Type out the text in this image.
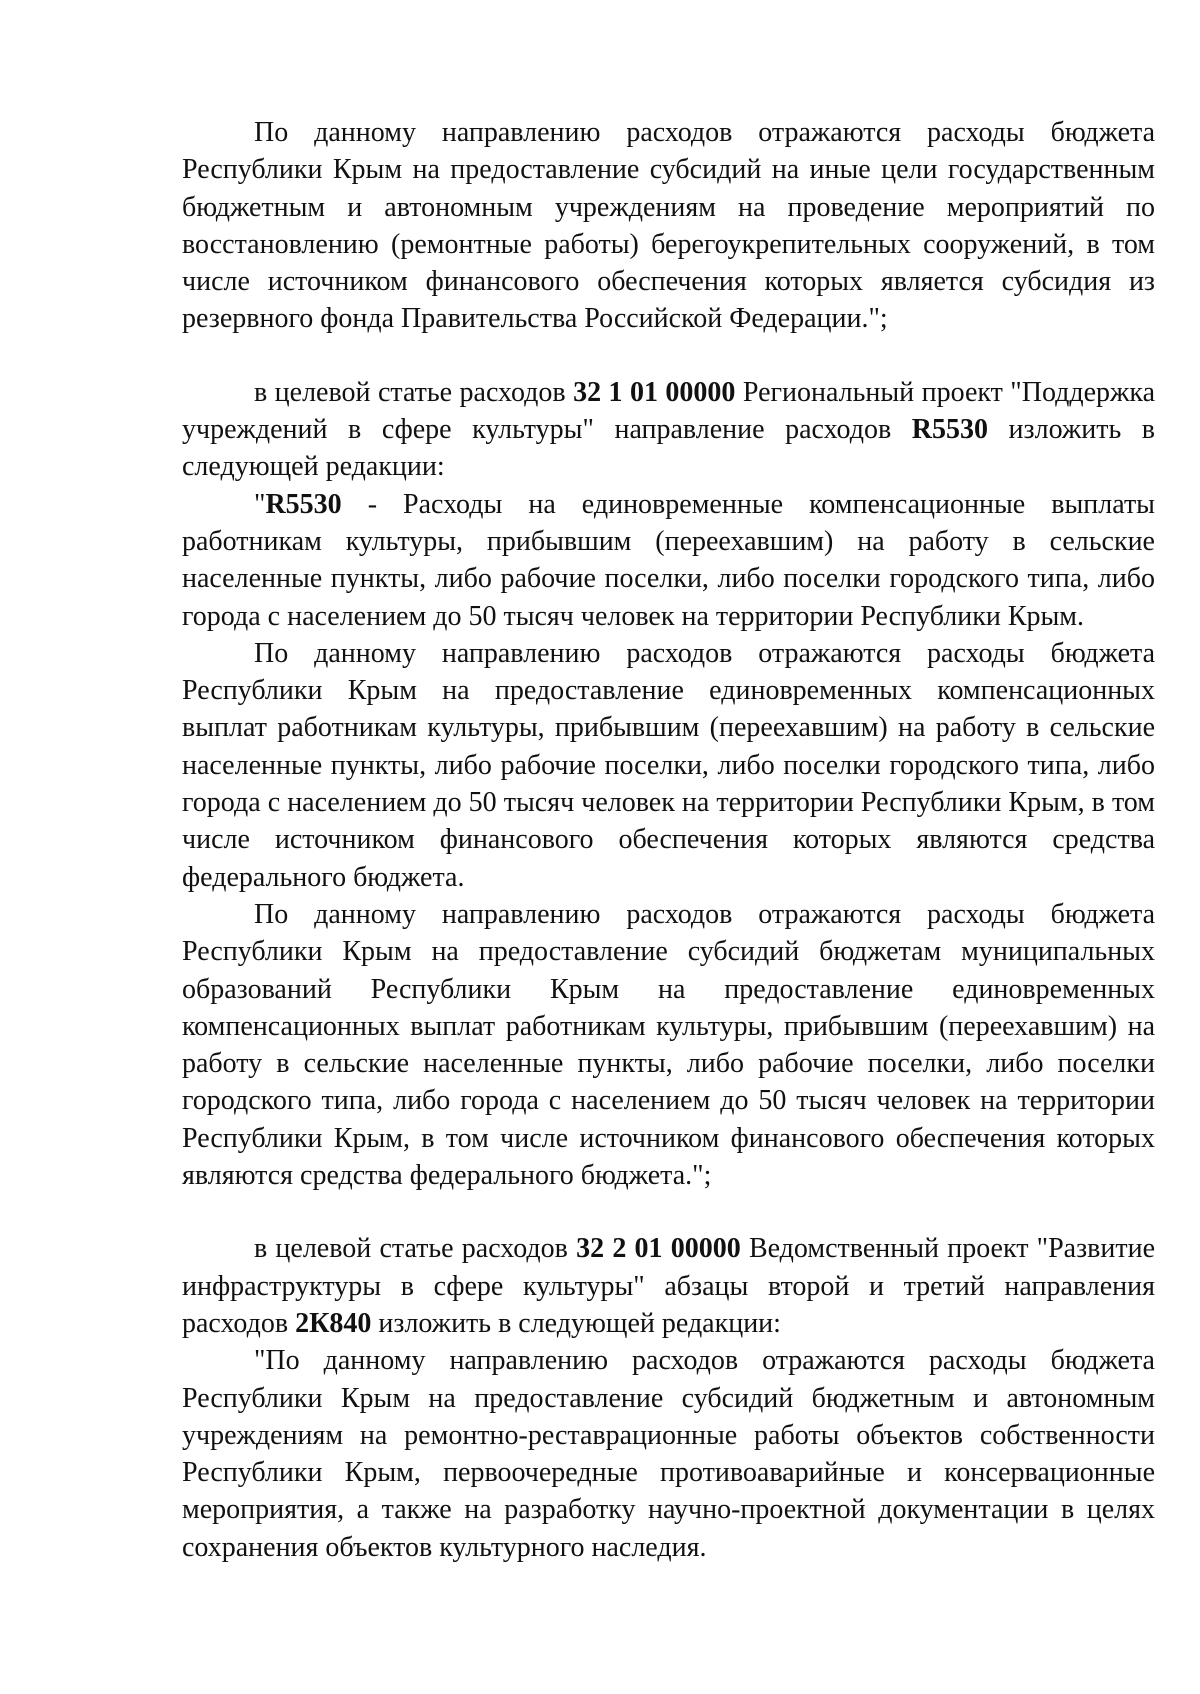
По данному направлению расходов отражаются расходы бюджета Республики Крым на предоставление субсидий на иные цели государственным бюджетным и автономным учреждениям на проведение мероприятий по восстановлению (ремонтные работы) берегоукрепительных сооружений, в том числе источником финансового обеспечения которых является субсидия из резервного фонда Правительства Российской Федерации.";

в целевой статье расходов 32 1 01 00000 Региональный проект "Поддержка учреждений в сфере культуры" направление расходов R5530 изложить в следующей редакции:

"R5530 - Расходы на единовременные компенсационные выплаты работникам культуры, прибывшим (переехавшим) на работу в сельские населенные пункты, либо рабочие поселки, либо поселки городского типа, либо города с населением до 50 тысяч человек на территории Республики Крым.

По данному направлению расходов отражаются расходы бюджета Республики Крым на предоставление единовременных компенсационных выплат работникам культуры, прибывшим (переехавшим) на работу в сельские населенные пункты, либо рабочие поселки, либо поселки городского типа, либо города с населением до 50 тысяч человек на территории Республики Крым, в том числе источником финансового обеспечения которых являются средства федерального бюджета.

По данному направлению расходов отражаются расходы бюджета Республики Крым на предоставление субсидий бюджетам муниципальных образований Республики Крым на предоставление единовременных компенсационных выплат работникам культуры, прибывшим (переехавшим) на работу в сельские населенные пункты, либо рабочие поселки, либо поселки городского типа, либо города с населением до 50 тысяч человек на территории Республики Крым, в том числе источником финансового обеспечения которых являются средства федерального бюджета.";

в целевой статье расходов 32 2 01 00000 Ведомственный проект "Развитие инфраструктуры в сфере культуры" абзацы второй и третий направления расходов 2К840 изложить в следующей редакции:

"По данному направлению расходов отражаются расходы бюджета Республики Крым на предоставление субсидий бюджетным и автономным учреждениям на ремонтно-реставрационные работы объектов собственности Республики Крым, первоочередные противоаварийные и консервационные мероприятия, а также на разработку научно-проектной документации в целях сохранения объектов культурного наследия.
